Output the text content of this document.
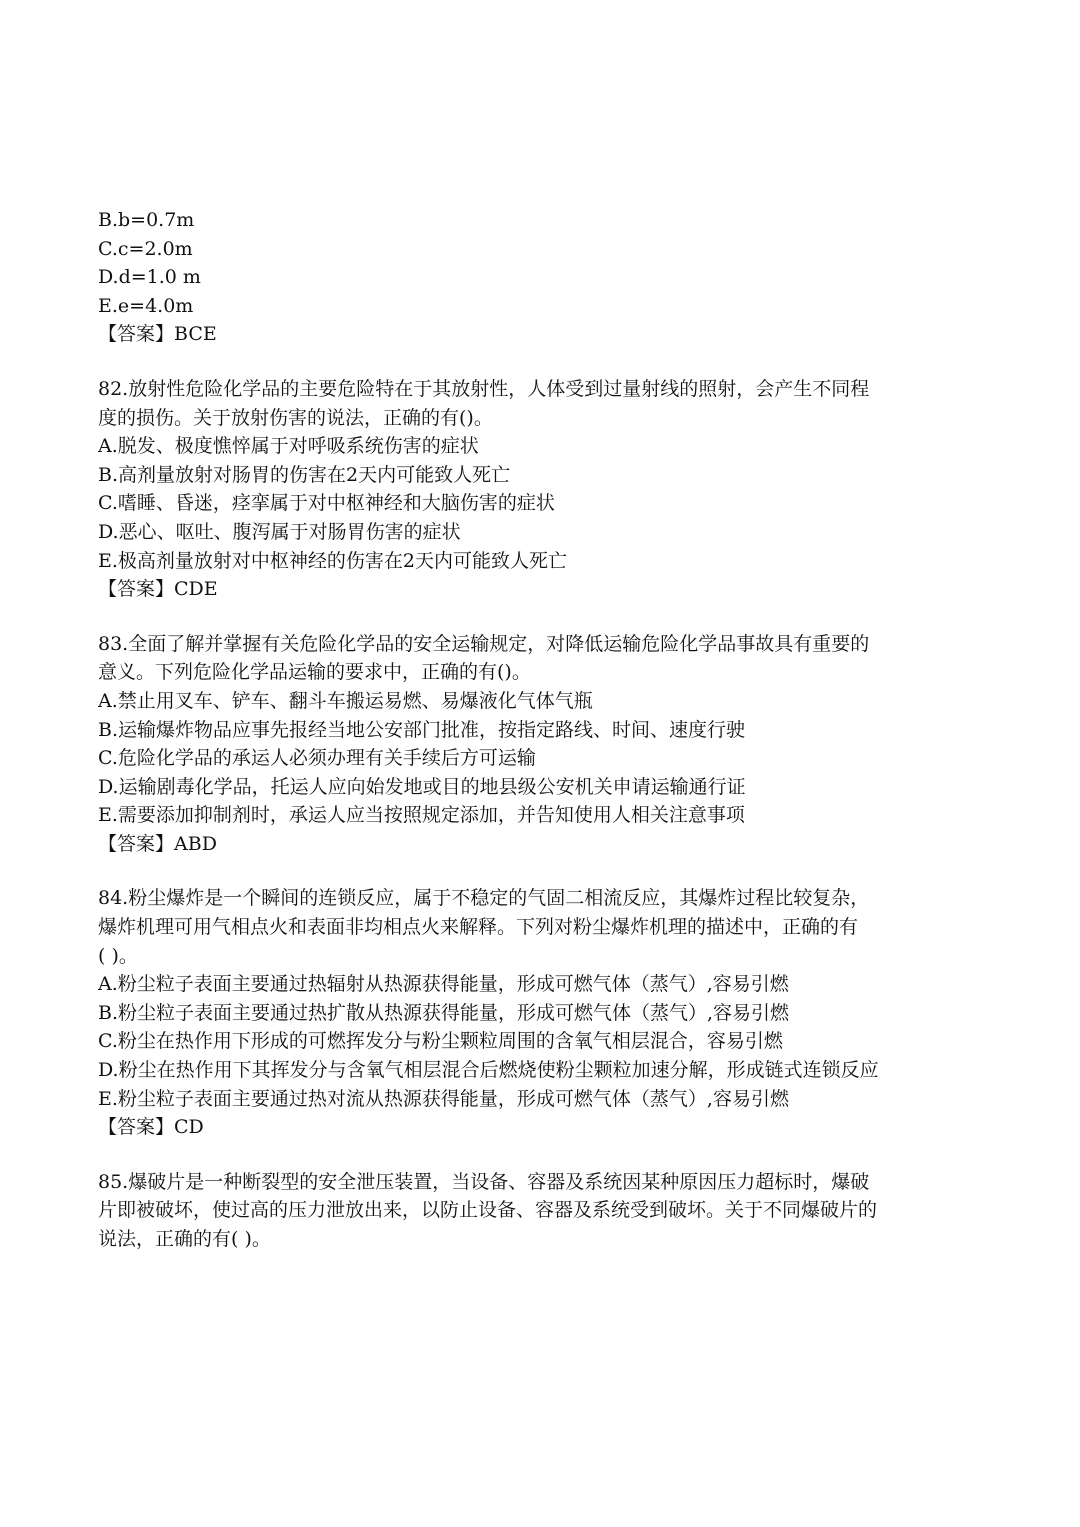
B.b=0.7m
C.c=2.0m
D.d=1.0 m
E.e=4.0m
【答案】BCE
82.放射性危险化学品的主要危险特在于其放射性，人体受到过量射线的照射，会产生不同程
度的损伤。关于放射伤害的说法，正确的有()。
A.脱发、极度憔悴属于对呼吸系统伤害的症状
B.高剂量放射对肠胃的伤害在2天内可能致人死亡
C.嗜睡、昏迷，痉挛属于对中枢神经和大脑伤害的症状
D.恶心、呕吐、腹泻属于对肠胃伤害的症状
E.极高剂量放射对中枢神经的伤害在2天内可能致人死亡
【答案】CDE
83.全面了解并掌握有关危险化学品的安全运输规定，对降低运输危险化学品事故具有重要的
意义。下列危险化学品运输的要求中，正确的有()。
A.禁止用叉车、铲车、翻斗车搬运易燃、易爆液化气体气瓶
B.运输爆炸物品应事先报经当地公安部门批准，按指定路线、时间、速度行驶
C.危险化学品的承运人必须办理有关手续后方可运输
D.运输剧毒化学品，托运人应向始发地或目的地县级公安机关申请运输通行证
E.需要添加抑制剂时，承运人应当按照规定添加，并告知使用人相关注意事项
【答案】ABD
84.粉尘爆炸是一个瞬间的连锁反应，属于不稳定的气固二相流反应，其爆炸过程比较复杂，
爆炸机理可用气相点火和表面非均相点火来解释。下列对粉尘爆炸机理的描述中，正确的有
( )。
A.粉尘粒子表面主要通过热辐射从热源获得能量，形成可燃气体（蒸气）,容易引燃
B.粉尘粒子表面主要通过热扩散从热源获得能量，形成可燃气体（蒸气）,容易引燃
C.粉尘在热作用下形成的可燃挥发分与粉尘颗粒周围的含氧气相层混合，容易引燃
D.粉尘在热作用下其挥发分与含氧气相层混合后燃烧使粉尘颗粒加速分解，形成链式连锁反应
E.粉尘粒子表面主要通过热对流从热源获得能量，形成可燃气体（蒸气）,容易引燃
【答案】CD
85.爆破片是一种断裂型的安全泄压装置，当设备、容器及系统因某种原因压力超标时，爆破
片即被破坏，使过高的压力泄放出来，以防止设备、容器及系统受到破坏。关于不同爆破片的
说法，正确的有( )。
